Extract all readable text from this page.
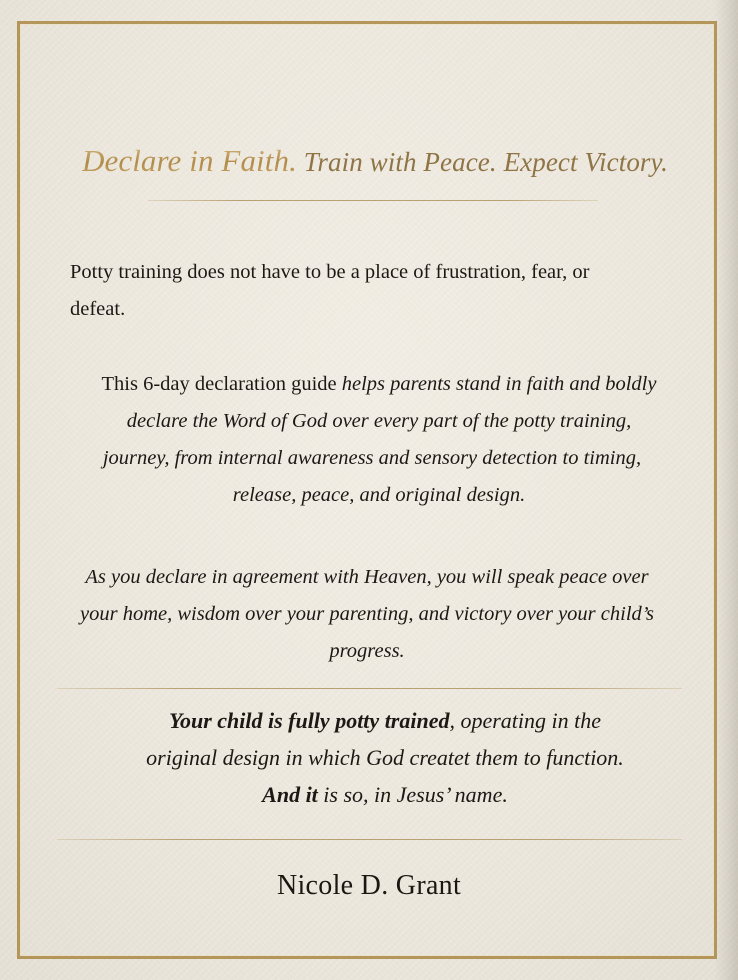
Declare in Faith. Train with Peace. Expect Victory.

Potty training does not have to be a place of frustration, fear, or
defeat.

This 6-day declaration guide helps parents stand in faith and boldly
declare the Word of God over every part of the potty training,
journey, from internal awareness and sensory detection to timing,
release, peace, and original design.

As you declare in agreement with Heaven, you will speak peace over
your home, wisdom over your parenting, and victory over your child’s
progress.

Your child is fully potty trained, operating in the
original design in which God createt them to function.
And it is so, in Jesus’ name.

Nicole D. Grant
